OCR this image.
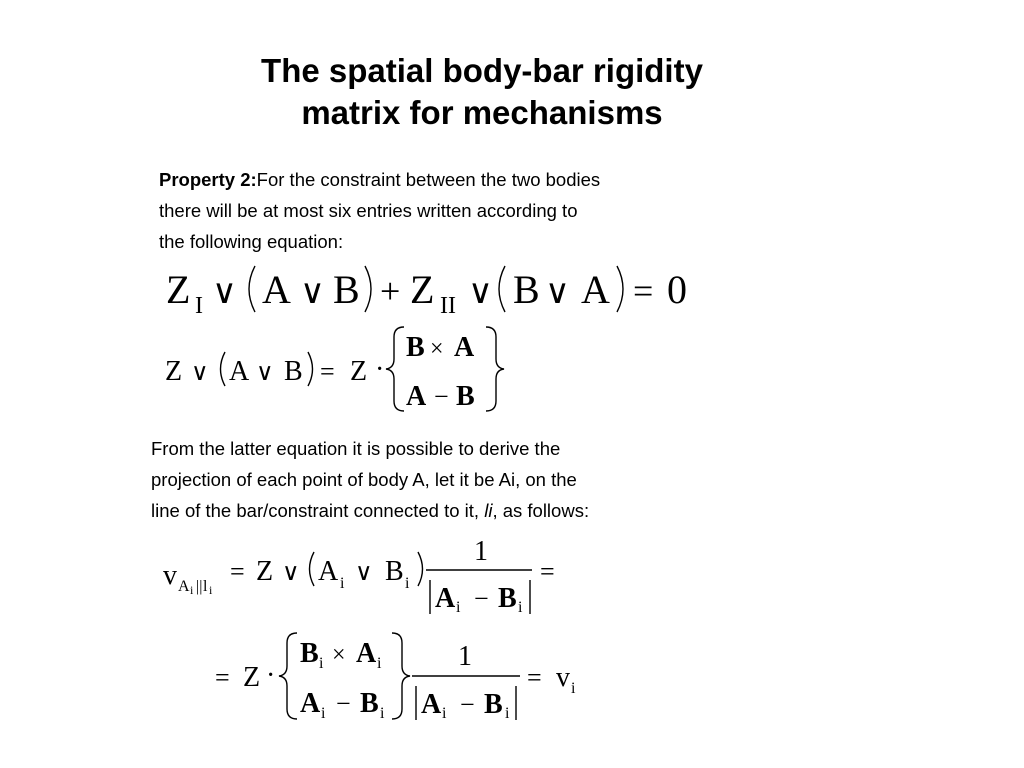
The spatial body-bar rigidity
matrix for mechanisms
Property 2:For the constraint between the two bodies
there will be at most six entries written according to
the following equation:
From the latter equation it is possible to derive the
projection of each point of body A, let it be Ai, on the
line of the bar/constraint connected to it, li, as follows:
Z I ∨ A ∨ B + Z II ∨ B ∨ A = 0
Z ∨ A ∨ B = Z ·
B × A
A − B
v A i || l i
= Z ∨ A i ∨ B i
1
A i − B i
=
= Z ·
B i × A i
A i − B i
1
A i − B i
= v i
